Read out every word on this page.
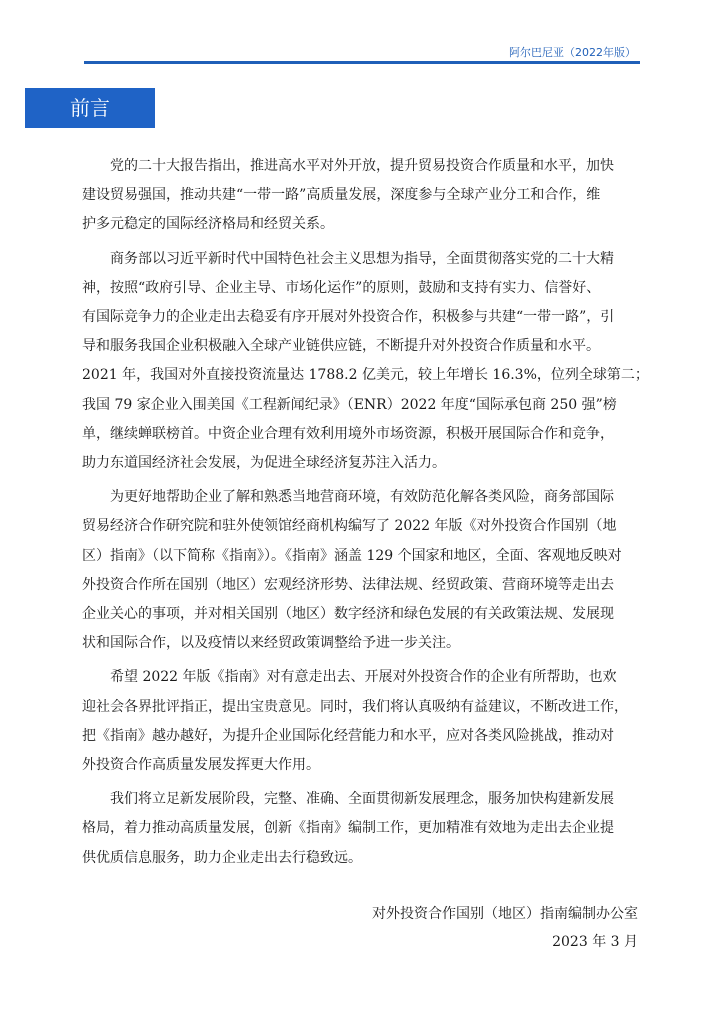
阿尔巴尼亚（2022年版）
前言
党的二十大报告指出，推进高水平对外开放，提升贸易投资合作质量和水平，加快
建设贸易强国，推动共建“一带一路”高质量发展，深度参与全球产业分工和合作，维
护多元稳定的国际经济格局和经贸关系。
商务部以习近平新时代中国特色社会主义思想为指导，全面贯彻落实党的二十大精
神，按照“政府引导、企业主导、市场化运作”的原则，鼓励和支持有实力、信誉好、
有国际竞争力的企业走出去稳妥有序开展对外投资合作，积极参与共建“一带一路”，引
导和服务我国企业积极融入全球产业链供应链，不断提升对外投资合作质量和水平。
2021 年，我国对外直接投资流量达 1788.2 亿美元，较上年增长 16.3%，位列全球第二；
我国 79 家企业入围美国《工程新闻纪录》（ENR）2022 年度“国际承包商 250 强”榜
单，继续蝉联榜首。中资企业合理有效利用境外市场资源，积极开展国际合作和竞争，
助力东道国经济社会发展，为促进全球经济复苏注入活力。
为更好地帮助企业了解和熟悉当地营商环境，有效防范化解各类风险，商务部国际
贸易经济合作研究院和驻外使领馆经商机构编写了 2022 年版《对外投资合作国别（地
区）指南》（以下简称《指南》）。《指南》涵盖 129 个国家和地区，全面、客观地反映对
外投资合作所在国别（地区）宏观经济形势、法律法规、经贸政策、营商环境等走出去
企业关心的事项，并对相关国别（地区）数字经济和绿色发展的有关政策法规、发展现
状和国际合作，以及疫情以来经贸政策调整给予进一步关注。
希望 2022 年版《指南》对有意走出去、开展对外投资合作的企业有所帮助，也欢
迎社会各界批评指正，提出宝贵意见。同时，我们将认真吸纳有益建议，不断改进工作，
把《指南》越办越好，为提升企业国际化经营能力和水平，应对各类风险挑战，推动对
外投资合作高质量发展发挥更大作用。
我们将立足新发展阶段，完整、准确、全面贯彻新发展理念，服务加快构建新发展
格局，着力推动高质量发展，创新《指南》编制工作，更加精准有效地为走出去企业提
供优质信息服务，助力企业走出去行稳致远。
对外投资合作国别（地区）指南编制办公室
2023 年 3 月
